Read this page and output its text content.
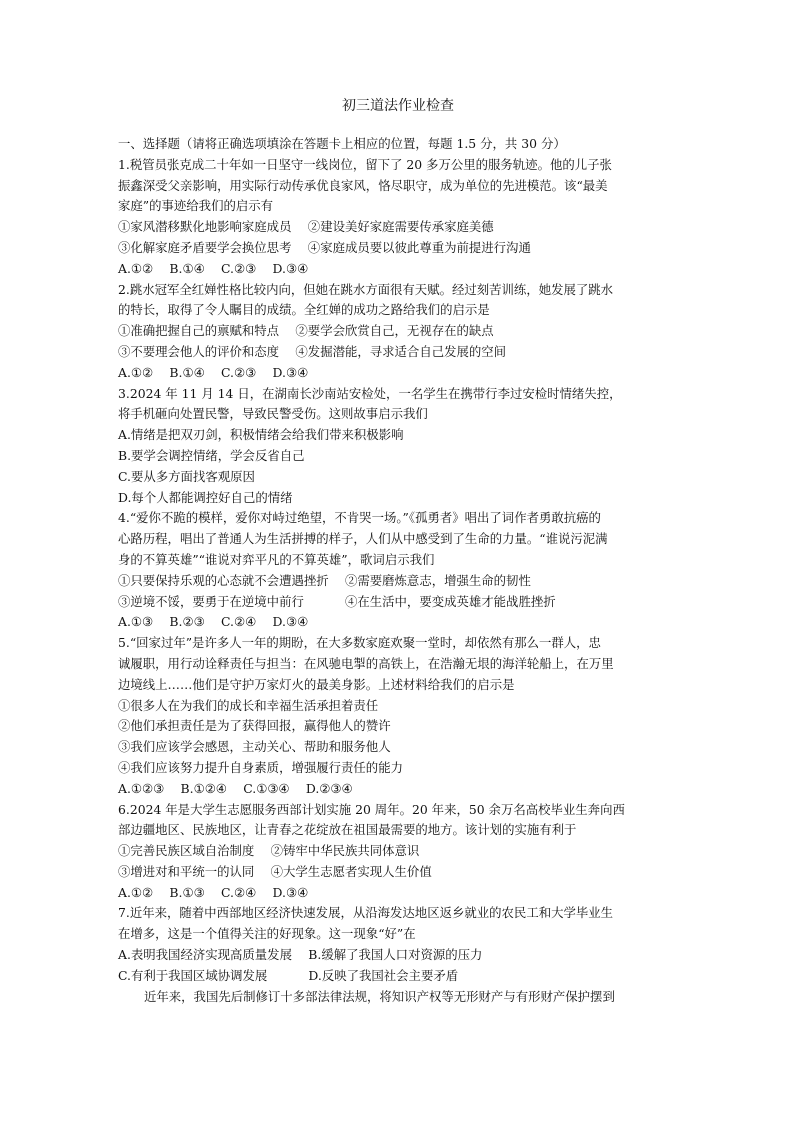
初三道法作业检查
一、选择题（请将正确选项填涂在答题卡上相应的位置，每题 1.5 分，共 30 分）
1.税管员张克成二十年如一日坚守一线岗位，留下了 20 多万公里的服务轨迹。他的儿子张
振鑫深受父亲影响，用实际行动传承优良家风，恪尽职守，成为单位的先进模范。该“最美
家庭”的事迹给我们的启示有
①家风潜移默化地影响家庭成员　 ②建设美好家庭需要传承家庭美德
③化解家庭矛盾要学会换位思考　 ④家庭成员要以彼此尊重为前提进行沟通
A.①②　 B.①④　 C.②③　 D.③④
2.跳水冠军全红婵性格比较内向，但她在跳水方面很有天赋。经过刻苦训练，她发展了跳水
的特长，取得了令人瞩目的成绩。全红婵的成功之路给我们的启示是
①准确把握自己的禀赋和特点　 ②要学会欣赏自己，无视存在的缺点
③不要理会他人的评价和态度　 ④发掘潜能，寻求适合自己发展的空间
A.①②　 B.①④　 C.②③　 D.③④
3.2024 年 11 月 14 日，在湖南长沙南站安检处，一名学生在携带行李过安检时情绪失控，
将手机砸向处置民警，导致民警受伤。这则故事启示我们
A.情绪是把双刃剑，积极情绪会给我们带来积极影响
B.要学会调控情绪，学会反省自己
C.要从多方面找客观原因
D.每个人都能调控好自己的情绪
4.“爱你不跪的模样，爱你对峙过绝望，不肯哭一场。”《孤勇者》唱出了词作者勇敢抗癌的
心路历程，唱出了普通人为生活拼搏的样子，人们从中感受到了生命的力量。“谁说污泥满
身的不算英雄”“谁说对弈平凡的不算英雄”，歌词启示我们
①只要保持乐观的心态就不会遭遇挫折　 ②需要磨炼意志，增强生命的韧性
③逆境不馁，要勇于在逆境中前行　　　 ④在生活中，要变成英雄才能战胜挫折
A.①③　 B.②③　 C.②④　 D.③④
5.“回家过年”是许多人一年的期盼，在大多数家庭欢聚一堂时，却依然有那么一群人，忠
诚履职，用行动诠释责任与担当：在风驰电掣的高铁上，在浩瀚无垠的海洋轮船上，在万里
边境线上……他们是守护万家灯火的最美身影。上述材料给我们的启示是
①很多人在为我们的成长和幸福生活承担着责任
②他们承担责任是为了获得回报，赢得他人的赞许
③我们应该学会感恩，主动关心、帮助和服务他人
④我们应该努力提升自身素质，增强履行责任的能力
A.①②③　 B.①②④　 C.①③④　 D.②③④
6.2024 年是大学生志愿服务西部计划实施 20 周年。20 年来，50 余万名高校毕业生奔向西
部边疆地区、民族地区，让青春之花绽放在祖国最需要的地方。该计划的实施有利于
①完善民族区域自治制度　 ②铸牢中华民族共同体意识
③增进对和平统一的认同　 ④大学生志愿者实现人生价值
A.①②　 B.①③　 C.②④　 D.③④
7.近年来，随着中西部地区经济快速发展，从沿海发达地区返乡就业的农民工和大学毕业生
在增多，这是一个值得关注的好现象。这一现象“好”在
A.表明我国经济实现高质量发展　 B.缓解了我国人口对资源的压力
C.有利于我国区域协调发展　　　 D.反映了我国社会主要矛盾
近年来，我国先后制修订十多部法律法规，将知识产权等无形财产与有形财产保护摆到
